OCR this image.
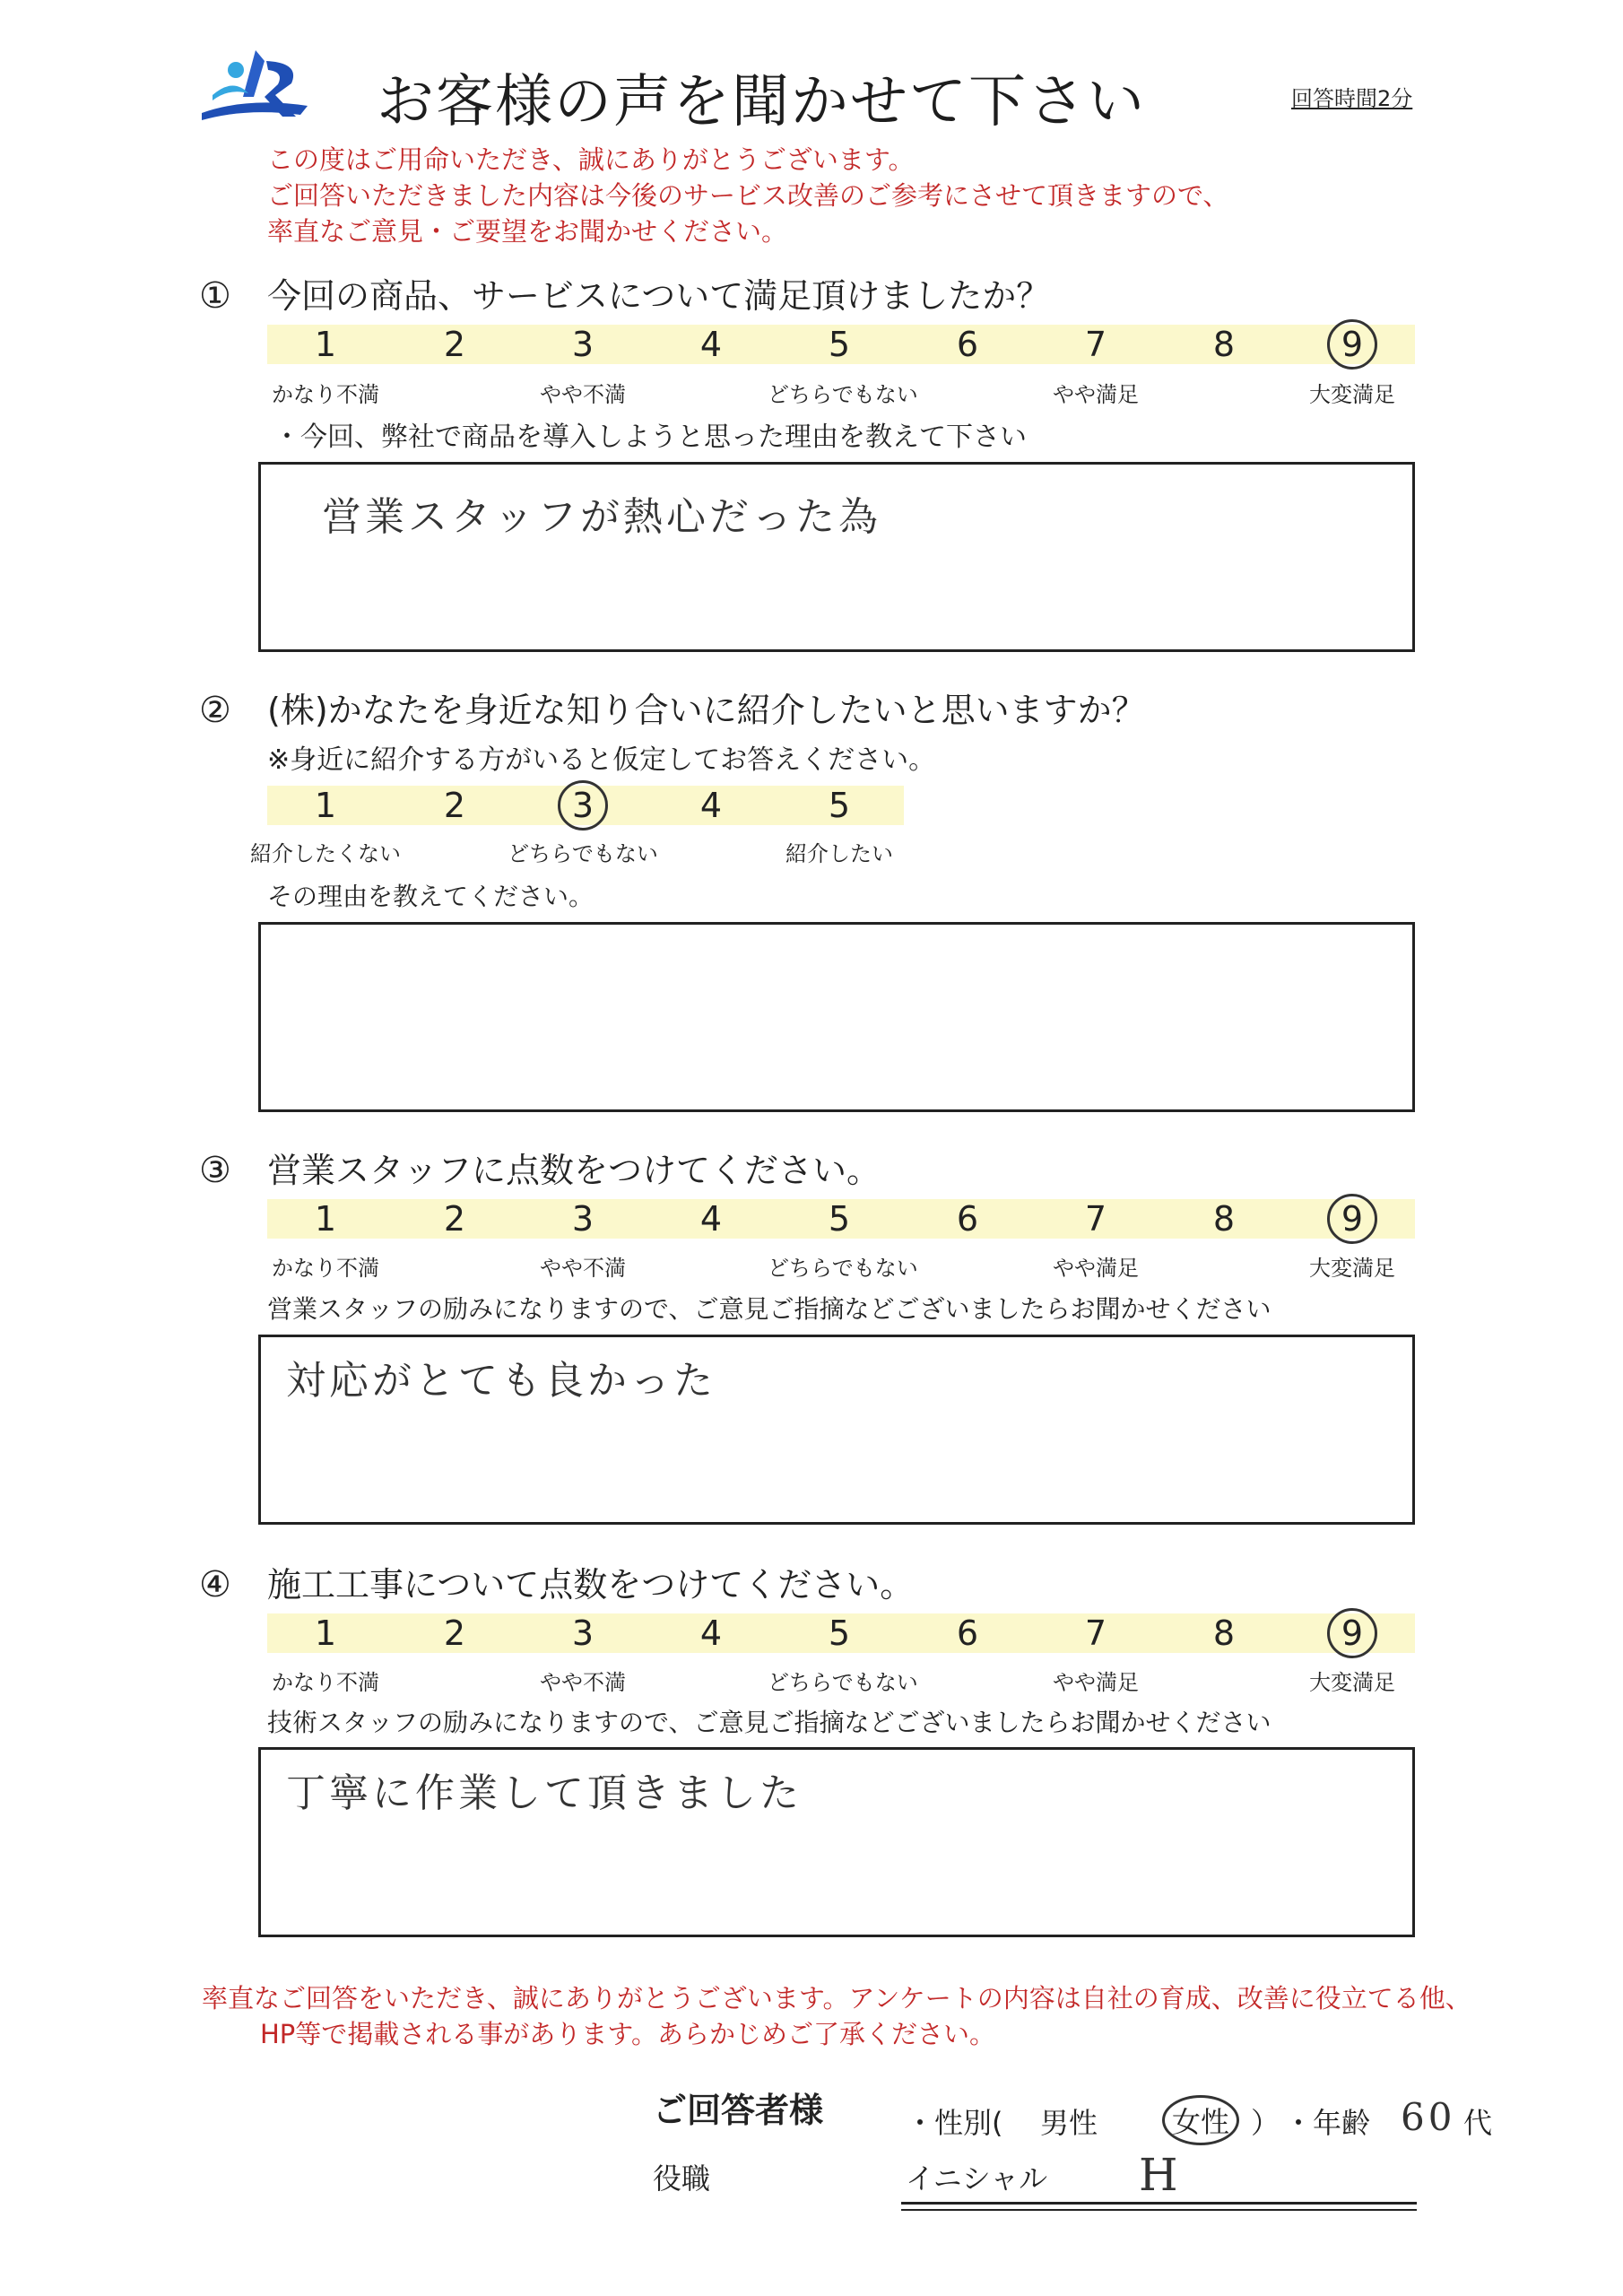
お客様の声を聞かせて下さい	回答時間2分
この度はご用命いただき、誠にありがとうございます。
ご回答いただきました内容は今後のサービス改善のご参考にさせて頂きますので、
率直なご意見・ご要望をお聞かせください。
① 今回の商品、サービスについて満足頂けましたか？
1	2	3	4	5	6	7	8	9
かなり不満	やや不満	どちらでもない	やや満足	大変満足
・今回、弊社で商品を導入しようと思った理由を教えて下さい
営業スタッフが熱心だった為
② (株)かなたを身近な知り合いに紹介したいと思いますか？
※身近に紹介する方がいると仮定してお答えください。
1	2	3	4	5
紹介したくない	どちらでもない	紹介したい
その理由を教えてください。
③ 営業スタッフに点数をつけてください。
1	2	3	4	5	6	7	8	9
かなり不満	やや不満	どちらでもない	やや満足	大変満足
営業スタッフの励みになりますので、ご意見ご指摘などございましたらお聞かせください
対応がとても良かった
④ 施工工事について点数をつけてください。
1	2	3	4	5	6	7	8	9
かなり不満	やや不満	どちらでもない	やや満足	大変満足
技術スタッフの励みになりますので、ご意見ご指摘などございましたらお聞かせください
丁寧に作業して頂きました
率直なご回答をいただき、誠にありがとうございます。アンケートの内容は自社の育成、改善に役立てる他、
HP等で掲載される事があります。あらかじめご了承ください。
ご回答者様	・性別( 男性	女性 ） ・年齢 60 代
役職	イニシャル H
